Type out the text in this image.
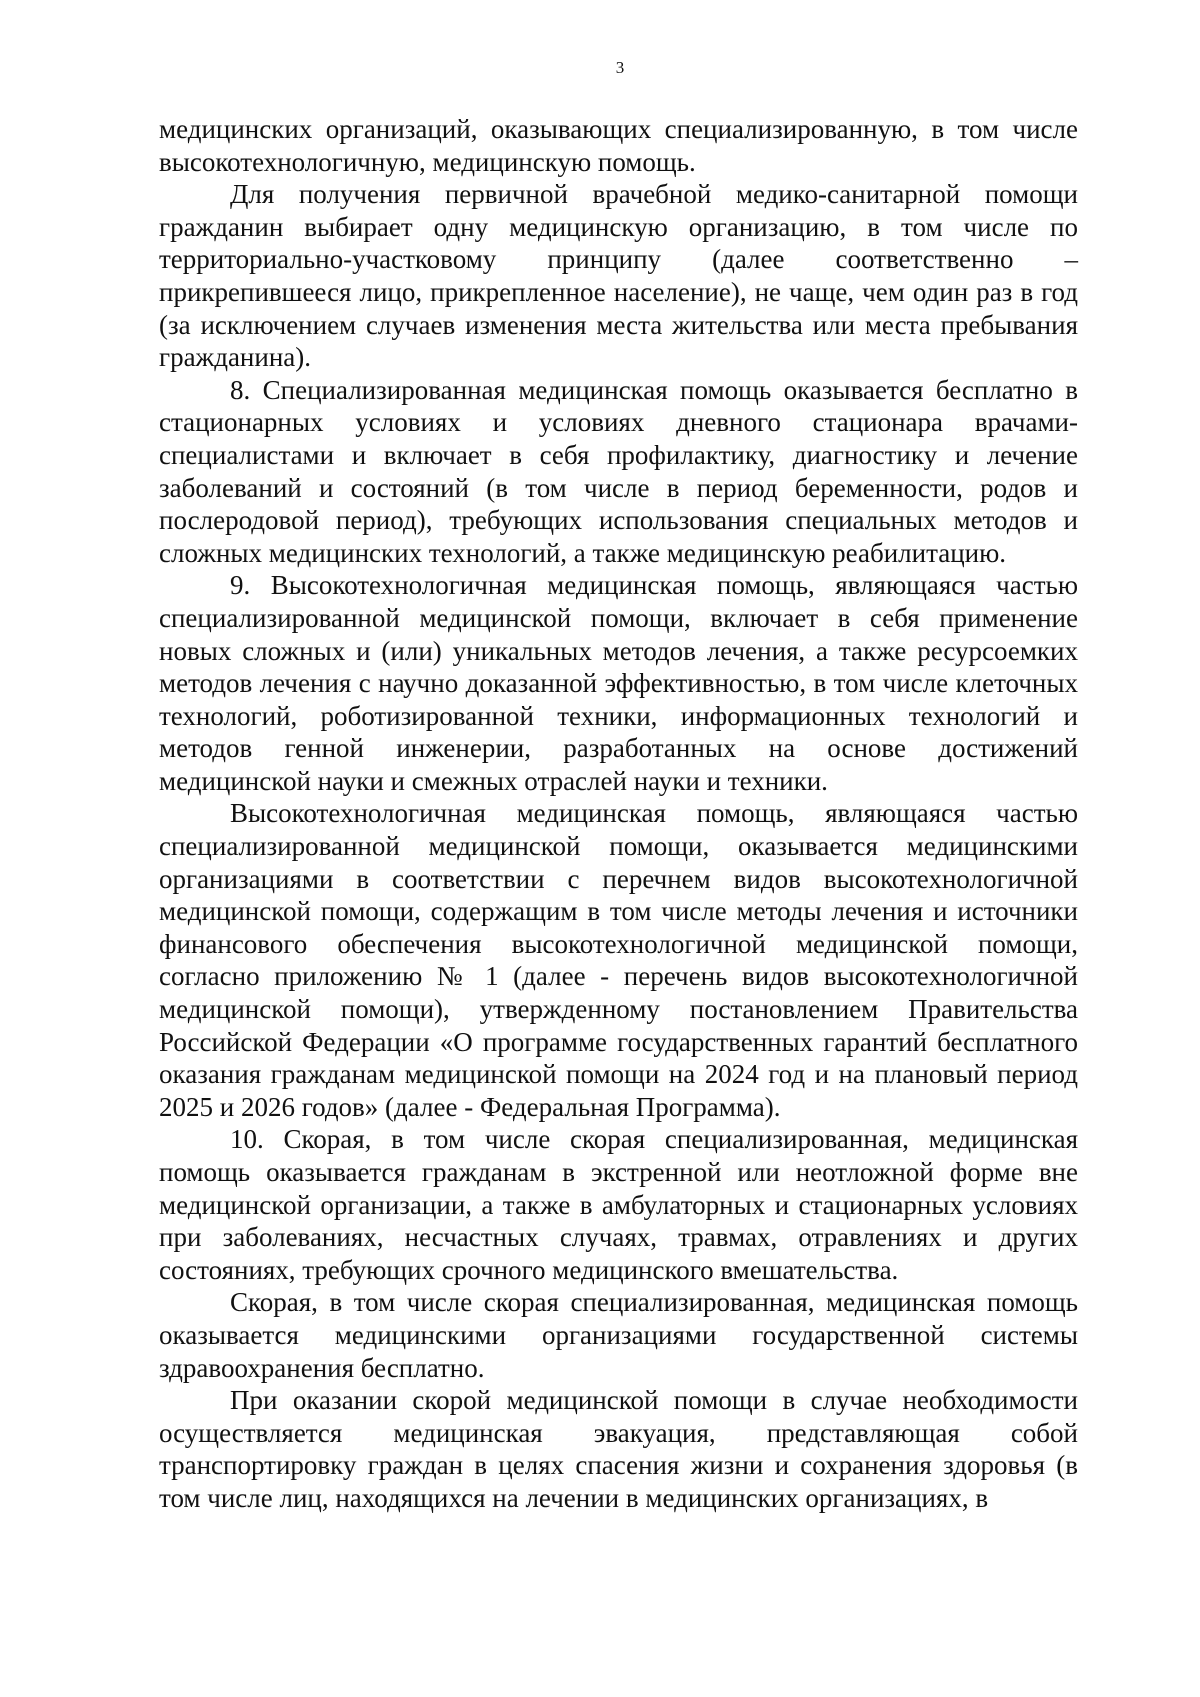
3

медицинских организаций, оказывающих специализированную, в том числе высокотехнологичную, медицинскую помощь.

Для получения первичной врачебной медико-санитарной помощи гражданин выбирает одну медицинскую организацию, в том числе по территориально-участковому принципу (далее соответственно – прикрепившееся лицо, прикрепленное население), не чаще, чем один раз в год (за исключением случаев изменения места жительства или места пребывания гражданина).

8. Специализированная медицинская помощь оказывается бесплатно в стационарных условиях и условиях дневного стационара врачами-специалистами и включает в себя профилактику, диагностику и лечение заболеваний и состояний (в том числе в период беременности, родов и послеродовой период), требующих использования специальных методов и сложных медицинских технологий, а также медицинскую реабилитацию.

9. Высокотехнологичная медицинская помощь, являющаяся частью специализированной медицинской помощи, включает в себя применение новых сложных и (или) уникальных методов лечения, а также ресурсоемких методов лечения с научно доказанной эффективностью, в том числе клеточных технологий, роботизированной техники, информационных технологий и методов генной инженерии, разработанных на основе достижений медицинской науки и смежных отраслей науки и техники.

Высокотехнологичная медицинская помощь, являющаяся частью специализированной медицинской помощи, оказывается медицинскими организациями в соответствии с перечнем видов высокотехнологичной медицинской помощи, содержащим в том числе методы лечения и источники финансового обеспечения высокотехнологичной медицинской помощи, согласно приложению № 1 (далее - перечень видов высокотехнологичной медицинской помощи), утвержденному постановлением Правительства Российской Федерации «О программе государственных гарантий бесплатного оказания гражданам медицинской помощи на 2024 год и на плановый период 2025 и 2026 годов» (далее - Федеральная Программа).

10. Скорая, в том числе скорая специализированная, медицинская помощь оказывается гражданам в экстренной или неотложной форме вне медицинской организации, а также в амбулаторных и стационарных условиях при заболеваниях, несчастных случаях, травмах, отравлениях и других состояниях, требующих срочного медицинского вмешательства.

Скорая, в том числе скорая специализированная, медицинская помощь оказывается медицинскими организациями государственной системы здравоохранения бесплатно.

При оказании скорой медицинской помощи в случае необходимости осуществляется медицинская эвакуация, представляющая собой транспортировку граждан в целях спасения жизни и сохранения здоровья (в том числе лиц, находящихся на лечении в медицинских организациях, в
